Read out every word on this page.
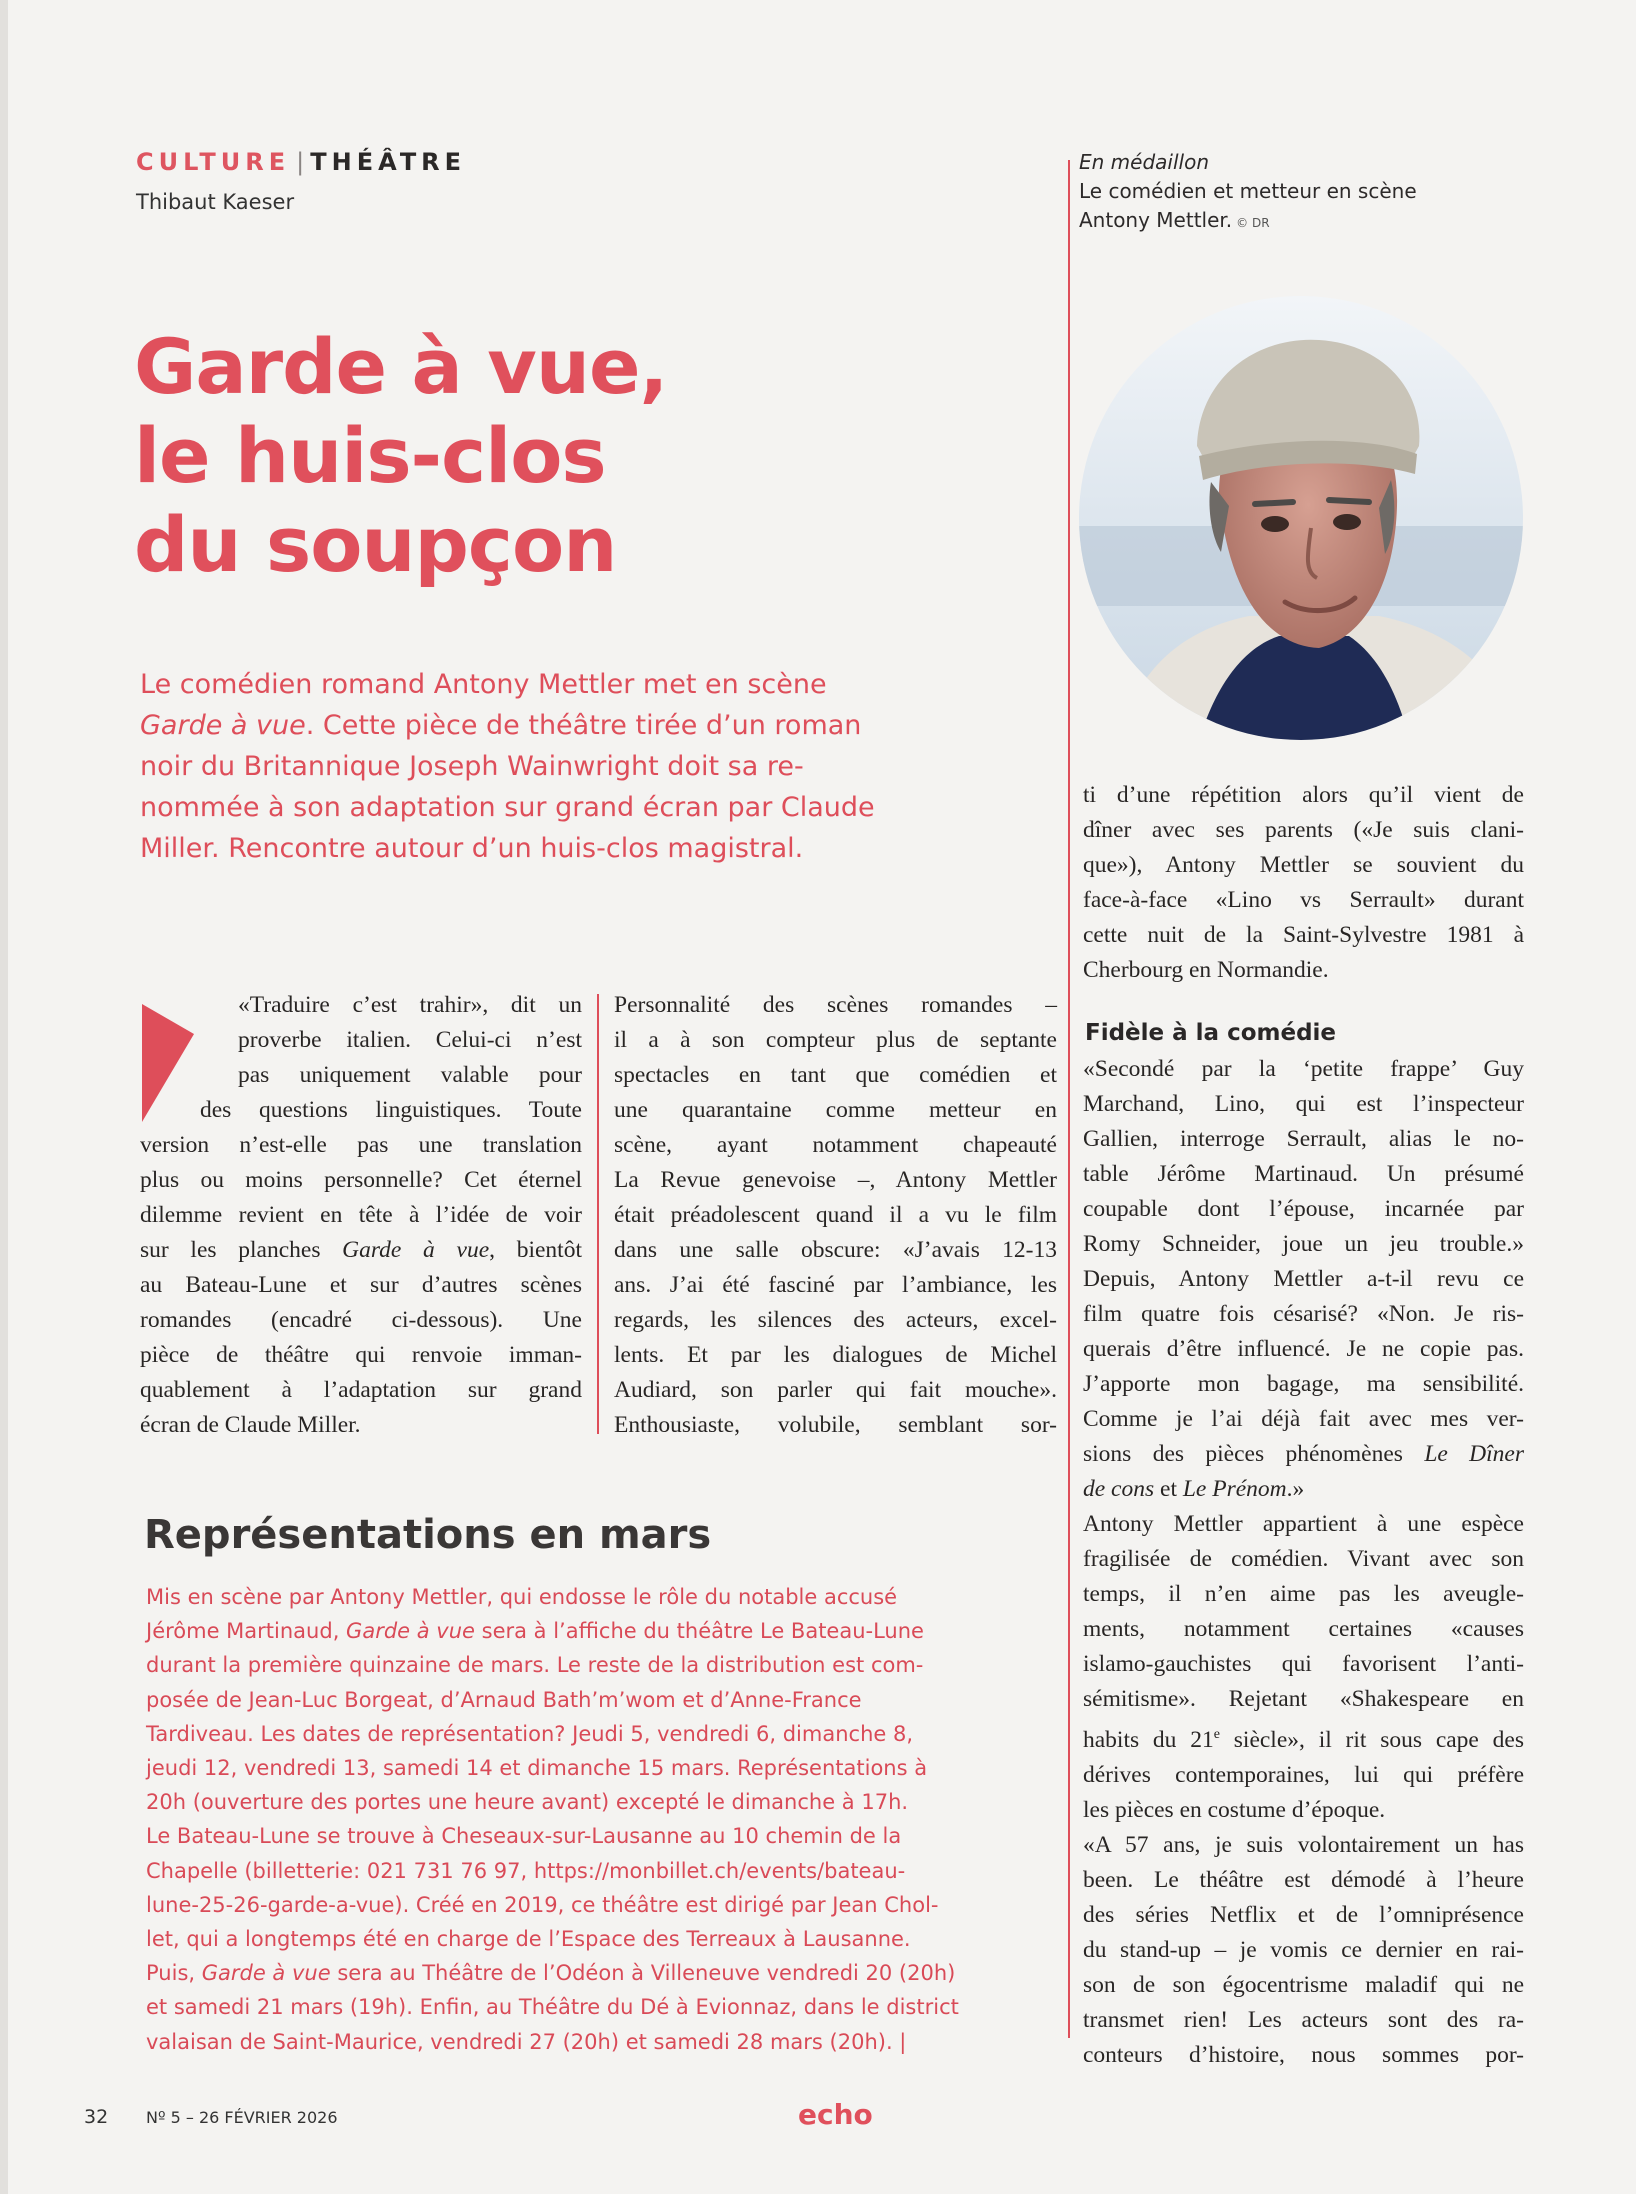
CULTURE | THÉÂTRE
Thibaut Kaeser
Garde à vue,
le huis-clos
du soupçon
Le comédien romand Antony Mettler met en scène
Garde à vue. Cette pièce de théâtre tirée d’un roman
noir du Britannique Joseph Wainwright doit sa re-
nommée à son adaptation sur grand écran par Claude
Miller. Rencontre autour d’un huis-clos magistral.
En médaillon
Le comédien et metteur en scène
Antony Mettler. © DR
«Traduire c’est trahir», dit un
proverbe italien. Celui-ci n’est
pas uniquement valable pour
des questions linguistiques. Toute
version n’est-elle pas une translation
plus ou moins personnelle? Cet éternel
dilemme revient en tête à l’idée de voir
sur les planches Garde à vue, bientôt
au Bateau-Lune et sur d’autres scènes
romandes (encadré ci-dessous). Une
pièce de théâtre qui renvoie imman-
quablement à l’adaptation sur grand
écran de Claude Miller.
Personnalité des scènes romandes –
il a à son compteur plus de septante
spectacles en tant que comédien et
une quarantaine comme metteur en
scène, ayant notamment chapeauté
La Revue genevoise –, Antony Mettler
était préadolescent quand il a vu le film
dans une salle obscure: «J’avais 12-13
ans. J’ai été fasciné par l’ambiance, les
regards, les silences des acteurs, excel-
lents. Et par les dialogues de Michel
Audiard, son parler qui fait mouche».
Enthousiaste, volubile, semblant sor-
ti d’une répétition alors qu’il vient de
dîner avec ses parents («Je suis clani-
que»), Antony Mettler se souvient du
face-à-face «Lino vs Serrault» durant
cette nuit de la Saint-Sylvestre 1981 à
Cherbourg en Normandie.
Fidèle à la comédie
«Secondé par la ‘petite frappe’ Guy
Marchand, Lino, qui est l’inspecteur
Gallien, interroge Serrault, alias le no-
table Jérôme Martinaud. Un présumé
coupable dont l’épouse, incarnée par
Romy Schneider, joue un jeu trouble.»
Depuis, Antony Mettler a-t-il revu ce
film quatre fois césarisé? «Non. Je ris-
querais d’être influencé. Je ne copie pas.
J’apporte mon bagage, ma sensibilité.
Comme je l’ai déjà fait avec mes ver-
sions des pièces phénomènes Le Dîner
de cons et Le Prénom.»
Antony Mettler appartient à une espèce
fragilisée de comédien. Vivant avec son
temps, il n’en aime pas les aveugle-
ments, notamment certaines «causes
islamo-gauchistes qui favorisent l’anti-
sémitisme». Rejetant «Shakespeare en
habits du 21e siècle», il rit sous cape des
dérives contemporaines, lui qui préfère
les pièces en costume d’époque.
«A 57 ans, je suis volontairement un has
been. Le théâtre est démodé à l’heure
des séries Netflix et de l’omniprésence
du stand-up – je vomis ce dernier en rai-
son de son égocentrisme maladif qui ne
transmet rien! Les acteurs sont des ra-
conteurs d’histoire, nous sommes por-
Représentations en mars
Mis en scène par Antony Mettler, qui endosse le rôle du notable accusé
Jérôme Martinaud, Garde à vue sera à l’affiche du théâtre Le Bateau-Lune
durant la première quinzaine de mars. Le reste de la distribution est com-
posée de Jean-Luc Borgeat, d’Arnaud Bath’m’wom et d’Anne-France
Tardiveau. Les dates de représentation? Jeudi 5, vendredi 6, dimanche 8,
jeudi 12, vendredi 13, samedi 14 et dimanche 15 mars. Représentations à
20h (ouverture des portes une heure avant) excepté le dimanche à 17h.
Le Bateau-Lune se trouve à Cheseaux-sur-Lausanne au 10 chemin de la
Chapelle (billetterie: 021 731 76 97, https://monbillet.ch/events/bateau-
lune-25-26-garde-a-vue). Créé en 2019, ce théâtre est dirigé par Jean Chol-
let, qui a longtemps été en charge de l’Espace des Terreaux à Lausanne.
Puis, Garde à vue sera au Théâtre de l’Odéon à Villeneuve vendredi 20 (20h)
et samedi 21 mars (19h). Enfin, au Théâtre du Dé à Evionnaz, dans le district
valaisan de Saint-Maurice, vendredi 27 (20h) et samedi 28 mars (20h). |
32 Nº 5 – 26 FÉVRIER 2026	echo
